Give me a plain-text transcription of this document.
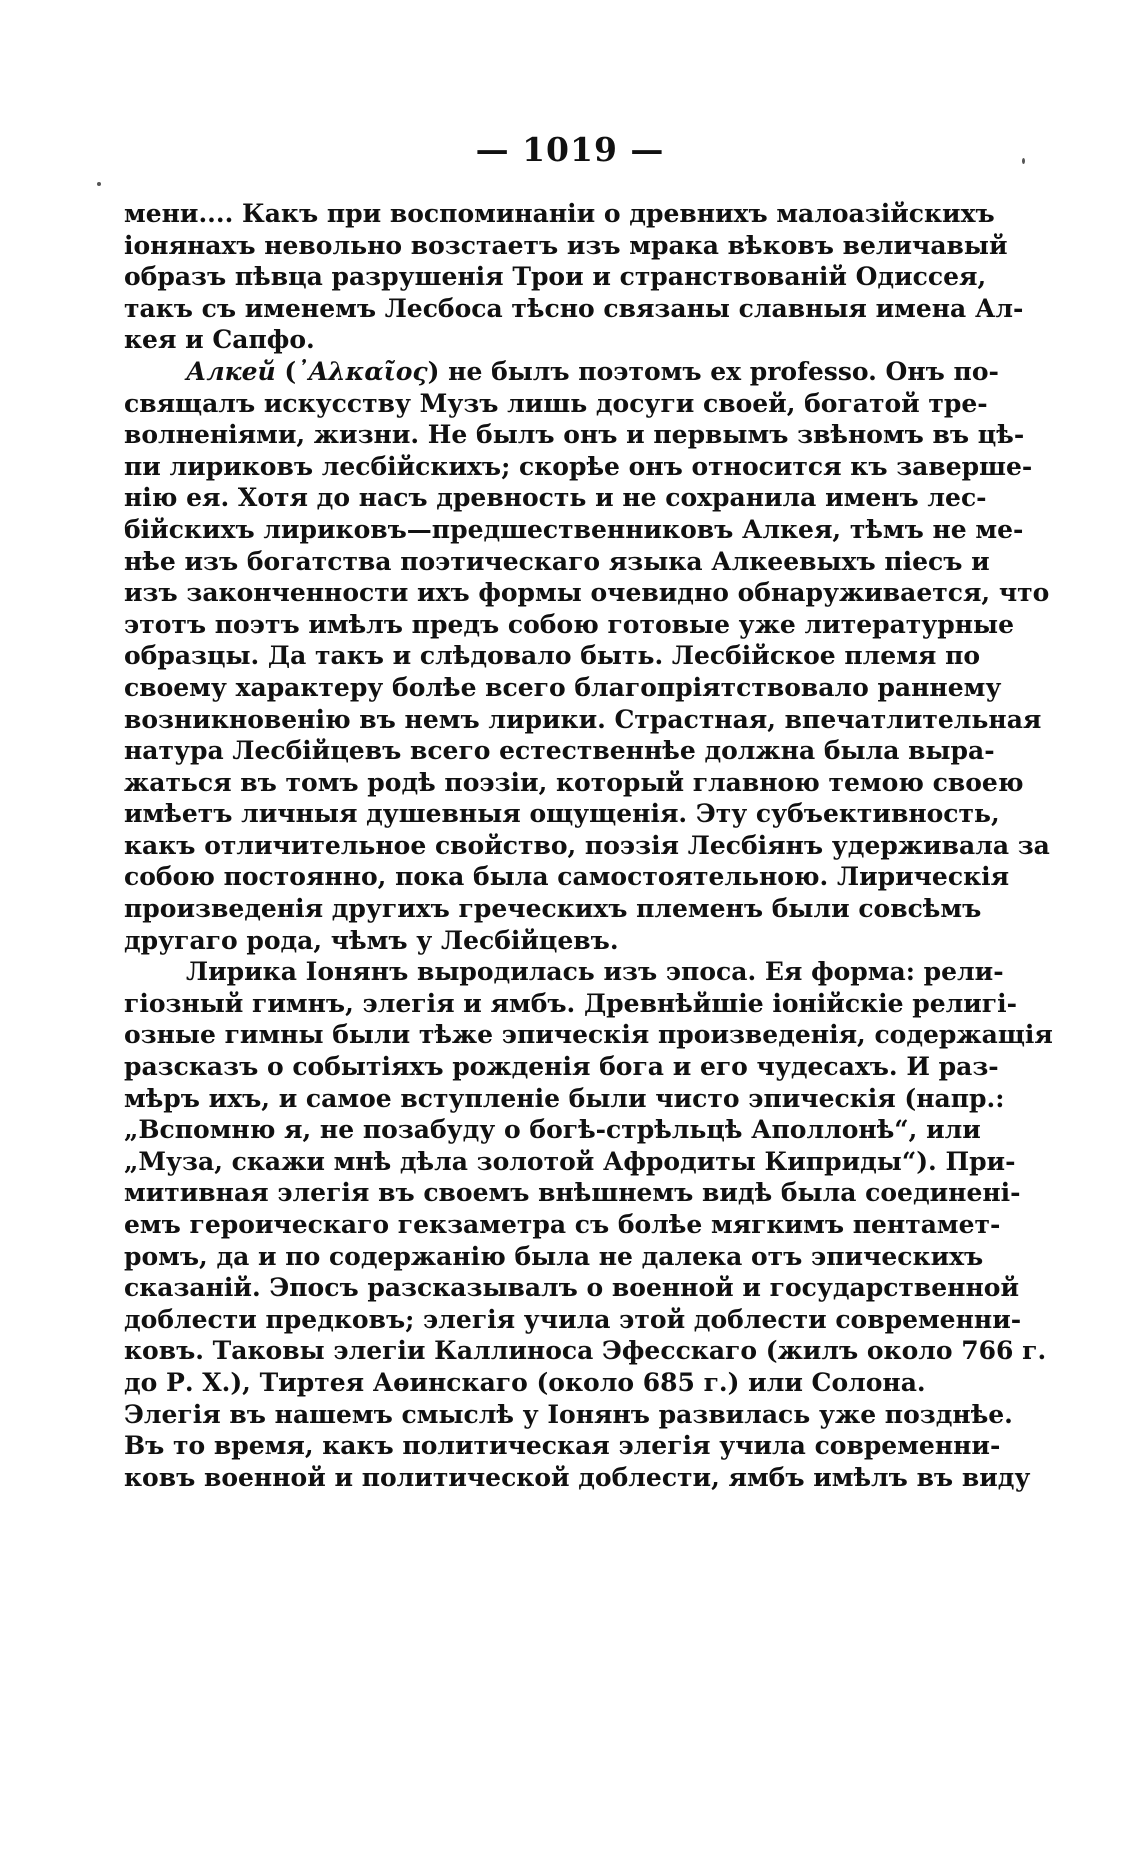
— 1019 —
мени.... Какъ при воспоминаніи о древнихъ малоазійскихъ
іонянахъ невольно возстаетъ изъ мрака вѣковъ величавый
образъ пѣвца разрушенія Трои и странствованій Одиссея,
такъ съ именемъ Лесбоса тѣсно связаны славныя имена Ал-
кея и Сапфо.
Алкей (᾽Αλκαῖος) не былъ поэтомъ ex professo. Онъ по-
свящалъ искусству Музъ лишь досуги своей, богатой тре-
волненіями, жизни. Не былъ онъ и первымъ звѣномъ въ цѣ-
пи лириковъ лесбійскихъ; скорѣе онъ относится къ заверше-
нію ея. Хотя до насъ древность и не сохранила именъ лес-
бійскихъ лириковъ—предшественниковъ Алкея, тѣмъ не ме-
нѣе изъ богатства поэтическаго языка Алкеевыхъ піесъ и
изъ законченности ихъ формы очевидно обнаруживается, что
этотъ поэтъ имѣлъ предъ собою готовые уже литературные
образцы. Да такъ и слѣдовало быть. Лесбійское племя по
своему характеру болѣе всего благопріятствовало раннему
возникновенію въ немъ лирики. Страстная, впечатлительная
натура Лесбійцевъ всего естественнѣе должна была выра-
жаться въ томъ родѣ поэзіи, который главною темою своею
имѣетъ личныя душевныя ощущенія. Эту субъективность,
какъ отличительное свойство, поэзія Лесбіянъ удерживала за
собою постоянно, пока была самостоятельною. Лирическія
произведенія другихъ греческихъ племенъ были совсѣмъ
другаго рода, чѣмъ у Лесбійцевъ.
Лирика Іонянъ выродилась изъ эпоса. Ея форма: рели-
гіозный гимнъ, элегія и ямбъ. Древнѣйшіе іонійскіе религі-
озные гимны были тѣже эпическія произведенія, содержащія
разсказъ о событіяхъ рожденія бога и его чудесахъ. И раз-
мѣръ ихъ, и самое вступленіе были чисто эпическія (напр.:
„Вспомню я, не позабуду о богѣ-стрѣльцѣ Аполлонѣ“, или
„Муза, скажи мнѣ дѣла золотой Афродиты Киприды“). При-
митивная элегія въ своемъ внѣшнемъ видѣ была соединені-
емъ героическаго гекзаметра съ болѣе мягкимъ пентамет-
ромъ, да и по содержанію была не далека отъ эпическихъ
сказаній. Эпосъ разсказывалъ о военной и государственной
доблести предковъ; элегія учила этой доблести современни-
ковъ. Таковы элегіи Каллиноса Эфесскаго (жилъ около 766 г.
до Р. Х.), Тиртея Аѳинскаго (около 685 г.) или Солона.
Элегія въ нашемъ смыслѣ у Іонянъ развилась уже позднѣе.
Въ то время, какъ политическая элегія учила современни-
ковъ военной и политической доблести, ямбъ имѣлъ въ виду
